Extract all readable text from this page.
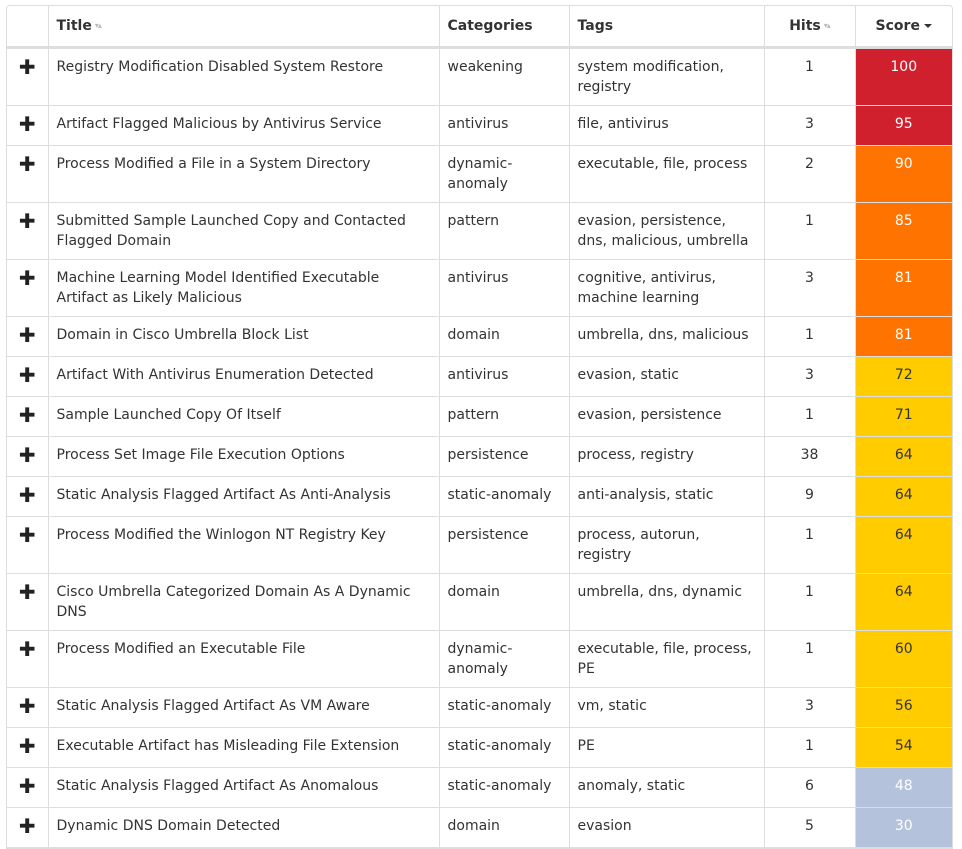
	Title ▾▴	Categories	Tags	Hits ▾▴	Score
✚	Registry Modification Disabled System Restore	weakening	system modification, registry	1	100
✚	Artifact Flagged Malicious by Antivirus Service	antivirus	file, antivirus	3	95
✚	Process Modified a File in a System Directory	dynamic-anomaly	executable, file, process	2	90
✚	Submitted Sample Launched Copy and Contacted Flagged Domain	pattern	evasion, persistence, dns, malicious, umbrella	1	85
✚	Machine Learning Model Identified Executable Artifact as Likely Malicious	antivirus	cognitive, antivirus, machine learning	3	81
✚	Domain in Cisco Umbrella Block List	domain	umbrella, dns, malicious	1	81
✚	Artifact With Antivirus Enumeration Detected	antivirus	evasion, static	3	72
✚	Sample Launched Copy Of Itself	pattern	evasion, persistence	1	71
✚	Process Set Image File Execution Options	persistence	process, registry	38	64
✚	Static Analysis Flagged Artifact As Anti-Analysis	static-anomaly	anti-analysis, static	9	64
✚	Process Modified the Winlogon NT Registry Key	persistence	process, autorun, registry	1	64
✚	Cisco Umbrella Categorized Domain As A Dynamic DNS	domain	umbrella, dns, dynamic	1	64
✚	Process Modified an Executable File	dynamic-anomaly	executable, file, process, PE	1	60
✚	Static Analysis Flagged Artifact As VM Aware	static-anomaly	vm, static	3	56
✚	Executable Artifact has Misleading File Extension	static-anomaly	PE	1	54
✚	Static Analysis Flagged Artifact As Anomalous	static-anomaly	anomaly, static	6	48
✚	Dynamic DNS Domain Detected	domain	evasion	5	30
